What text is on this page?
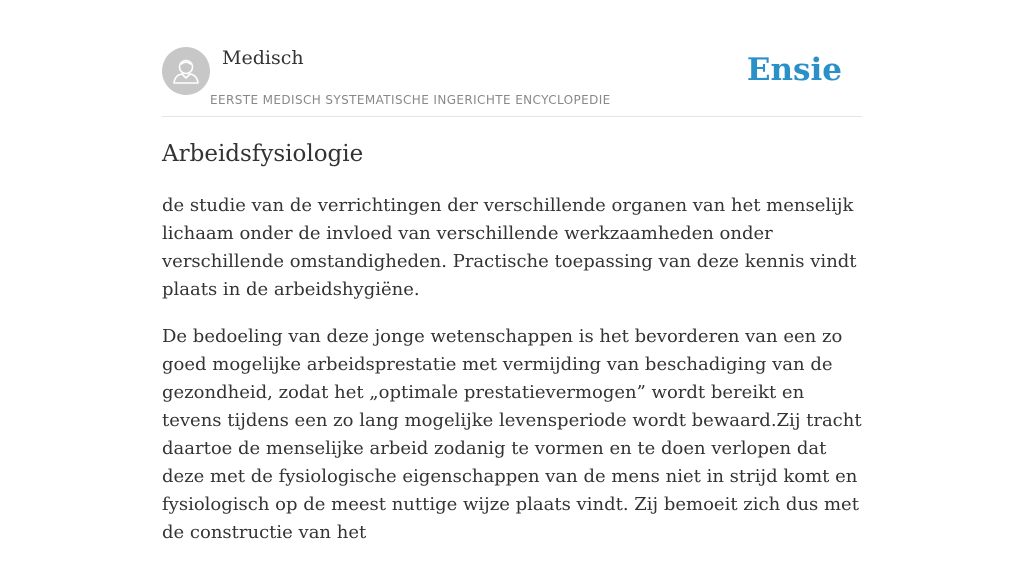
Medisch
EERSTE MEDISCH SYSTEMATISCHE INGERICHTE ENCYCLOPEDIE
Ensie
Arbeidsfysiologie

de studie van de verrichtingen der verschillende organen van het menselijk lichaam onder de invloed van verschillende werkzaamheden onder verschillende omstandigheden. Practische toepassing van deze kennis vindt plaats in de arbeidshygiëne.

De bedoeling van deze jonge wetenschappen is het bevorderen van een zo goed mogelijke arbeidsprestatie met vermijding van beschadiging van de gezondheid, zodat het „optimale prestatievermogen” wordt bereikt en tevens tijdens een zo lang mogelijke levensperiode wordt bewaard.Zij tracht daartoe de menselijke arbeid zodanig te vormen en te doen verlopen dat deze met de fysiologische eigenschappen van de mens niet in strijd komt en fysiologisch op de meest nuttige wijze plaats vindt. Zij bemoeit zich dus met de constructie van het
